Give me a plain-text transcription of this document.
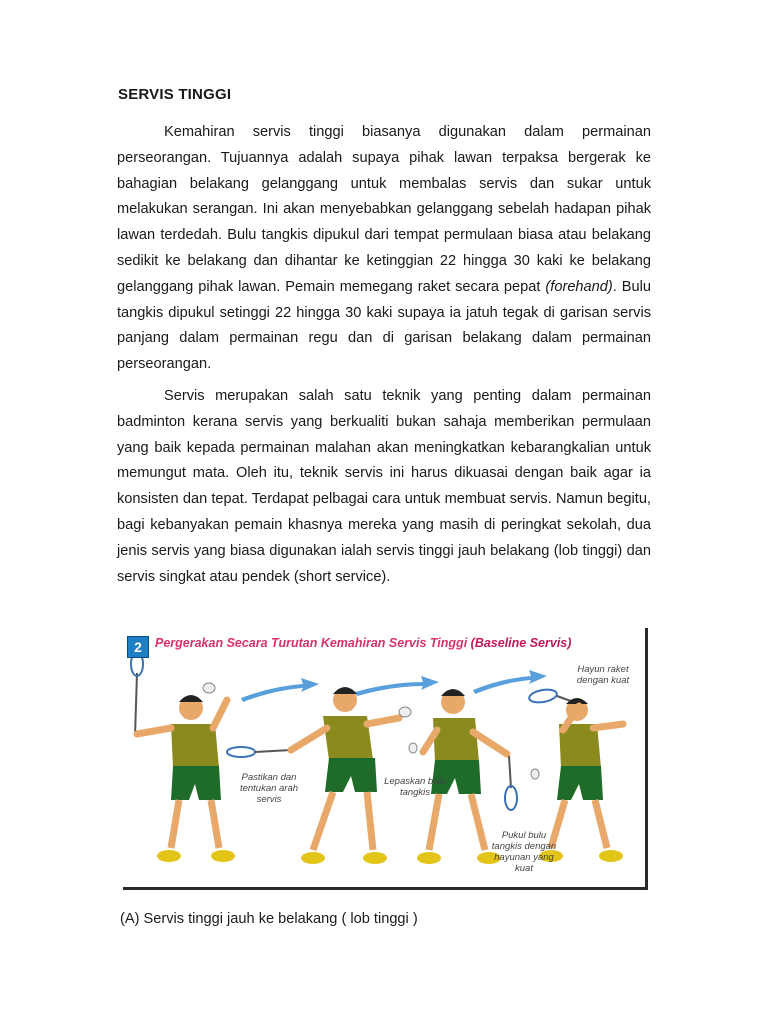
SERVIS TINGGI

Kemahiran servis tinggi biasanya digunakan dalam permainan perseorangan. Tujuannya adalah supaya pihak lawan terpaksa bergerak ke bahagian belakang gelanggang untuk membalas servis dan sukar untuk melakukan serangan. Ini akan menyebabkan gelanggang sebelah hadapan pihak lawan terdedah. Bulu tangkis dipukul dari tempat permulaan biasa atau belakang sedikit ke belakang dan dihantar ke ketinggian 22 hingga 30 kaki ke belakang gelanggang pihak lawan. Pemain memegang raket secara pepat (forehand). Bulu tangkis dipukul setinggi 22 hingga 30 kaki supaya ia jatuh tegak di garisan servis panjang dalam permainan regu dan di garisan belakang dalam permainan perseorangan.

Servis merupakan salah satu teknik yang penting dalam permainan badminton kerana servis yang berkualiti bukan sahaja memberikan permulaan yang baik kepada permainan malahan akan meningkatkan kebarangkalian untuk memungut mata. Oleh itu, teknik servis ini harus dikuasai dengan baik agar ia konsisten dan tepat. Terdapat pelbagai cara untuk membuat servis. Namun begitu, bagi kebanyakan pemain khasnya mereka yang masih di peringkat sekolah, dua jenis servis yang biasa digunakan ialah servis tinggi jauh belakang (lob tinggi) dan servis singkat atau pendek (short service).

2	Pergerakan Secara Turutan Kemahiran Servis Tinggi (Baseline Servis)
Pastikan dan tentukan arah servis
Lepaskan bulu tangkis
Pukul bulu tangkis dengan hayunan yang kuat
Hayun raket dengan kuat
(A) Servis tinggi jauh ke belakang ( lob tinggi )
